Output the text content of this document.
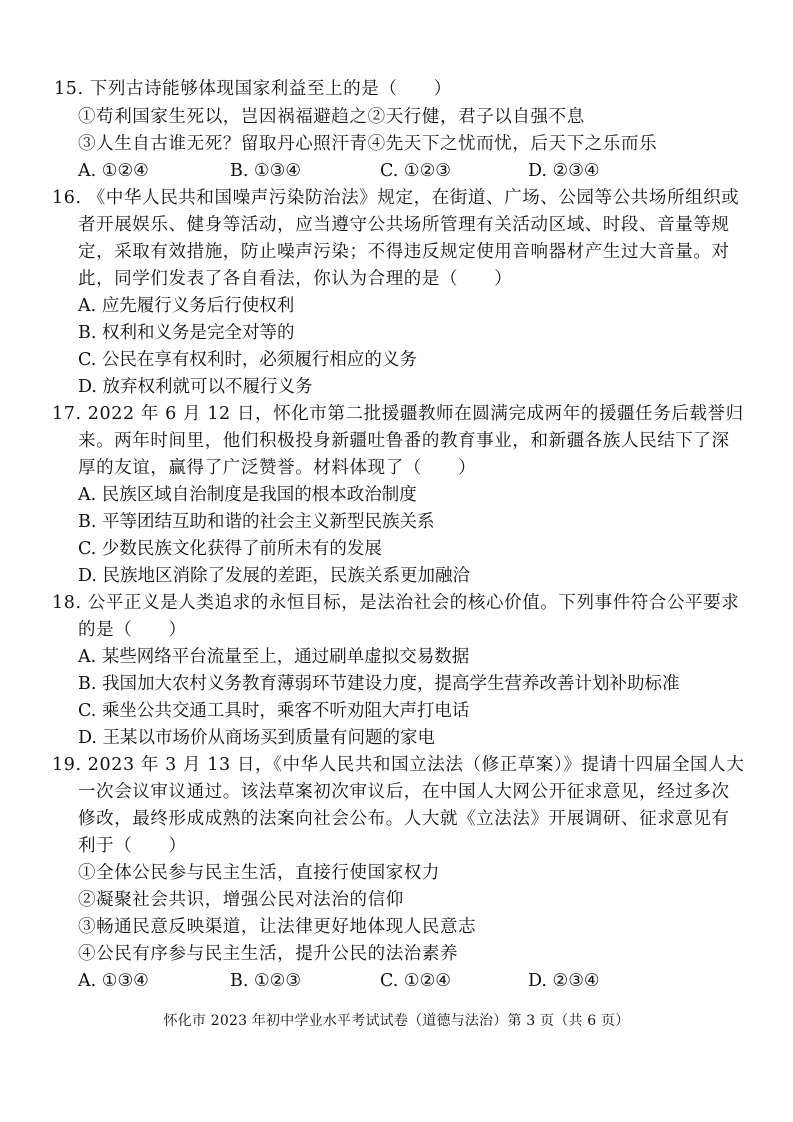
15. 下列古诗能够体现国家利益至上的是（　　）
①苟利国家生死以，岂因祸福避趋之②天行健，君子以自强不息
③人生自古谁无死？留取丹心照汗青④先天下之忧而忧，后天下之乐而乐
A. ①②④	B. ①③④	C. ①②③	D. ②③④
16. 《中华人民共和国噪声污染防治法》规定，在街道、广场、公园等公共场所组织或
者开展娱乐、健身等活动，应当遵守公共场所管理有关活动区域、时段、音量等规
定，采取有效措施，防止噪声污染；不得违反规定使用音响器材产生过大音量。对
此，同学们发表了各自看法，你认为合理的是（　　）
A. 应先履行义务后行使权利
B. 权利和义务是完全对等的
C. 公民在享有权利时，必须履行相应的义务
D. 放弃权利就可以不履行义务
17. 2022 年 6 月 12 日，怀化市第二批援疆教师在圆满完成两年的援疆任务后载誉归
来。两年时间里，他们积极投身新疆吐鲁番的教育事业，和新疆各族人民结下了深
厚的友谊，赢得了广泛赞誉。材料体现了（　　）
A. 民族区域自治制度是我国的根本政治制度
B. 平等团结互助和谐的社会主义新型民族关系
C. 少数民族文化获得了前所未有的发展
D. 民族地区消除了发展的差距，民族关系更加融洽
18. 公平正义是人类追求的永恒目标，是法治社会的核心价值。下列事件符合公平要求
的是（　　）
A. 某些网络平台流量至上，通过刷单虚拟交易数据
B. 我国加大农村义务教育薄弱环节建设力度，提高学生营养改善计划补助标准
C. 乘坐公共交通工具时，乘客不听劝阻大声打电话
D. 王某以市场价从商场买到质量有问题的家电
19. 2023 年 3 月 13 日，《中华人民共和国立法法（修正草案）》提请十四届全国人大
一次会议审议通过。该法草案初次审议后，在中国人大网公开征求意见，经过多次
修改，最终形成成熟的法案向社会公布。人大就《立法法》开展调研、征求意见有
利于（　　）
①全体公民参与民主生活，直接行使国家权力
②凝聚社会共识，增强公民对法治的信仰
③畅通民意反映渠道，让法律更好地体现人民意志
④公民有序参与民主生活，提升公民的法治素养
A. ①③④	B. ①②③	C. ①②④	D. ②③④
怀化市 2023 年初中学业水平考试试卷（道德与法治）第 3 页（共 6 页）
